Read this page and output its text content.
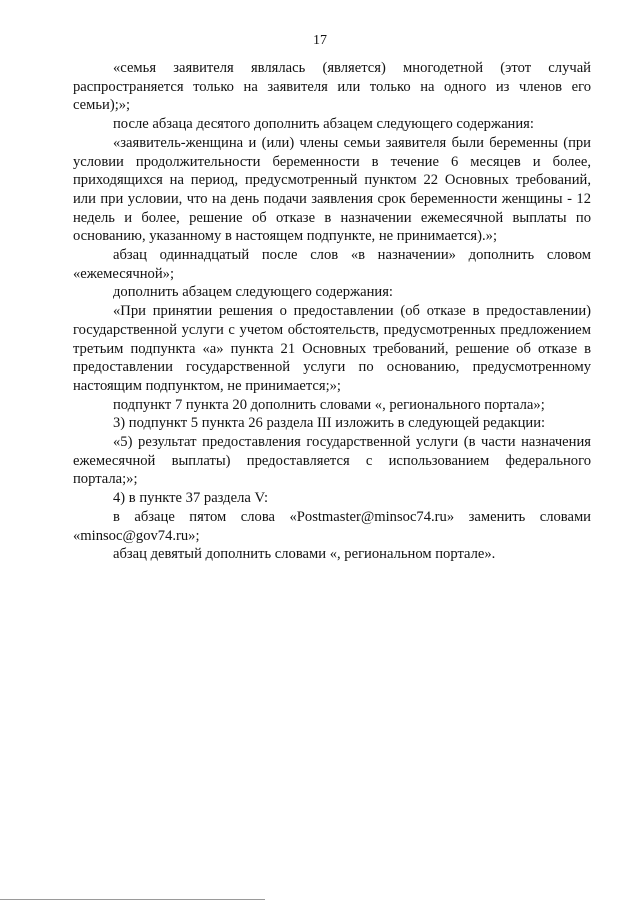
17

«семья заявителя являлась (является) многодетной (этот случай распространяется только на заявителя или только на одного из членов его семьи);»;

после абзаца десятого дополнить абзацем следующего содержания:

«заявитель-женщина и (или) члены семьи заявителя были беременны (при условии продолжительности беременности в течение 6 месяцев и более, приходящихся на период, предусмотренный пунктом 22 Основных требований, или при условии, что на день подачи заявления срок беременности женщины - 12 недель и более, решение об отказе в назначении ежемесячной выплаты по основанию, указанному в настоящем подпункте, не принимается).»;

абзац одиннадцатый после слов «в назначении» дополнить словом «ежемесячной»;

дополнить абзацем следующего содержания:

«При принятии решения о предоставлении (об отказе в предоставлении) государственной услуги с учетом обстоятельств, предусмотренных предложением третьим подпункта «а» пункта 21 Основных требований, решение об отказе в предоставлении государственной услуги по основанию, предусмотренному настоящим подпунктом, не принимается;»;

подпункт 7 пункта 20 дополнить словами «, регионального портала»;

3) подпункт 5 пункта 26 раздела III изложить в следующей редакции:

«5) результат предоставления государственной услуги (в части назначения ежемесячной выплаты) предоставляется с использованием федерального портала;»;

4) в пункте 37 раздела V:

в абзаце пятом слова «Postmaster@minsoc74.ru» заменить словами «minsoc@gov74.ru»;

абзац девятый дополнить словами «, региональном портале».
